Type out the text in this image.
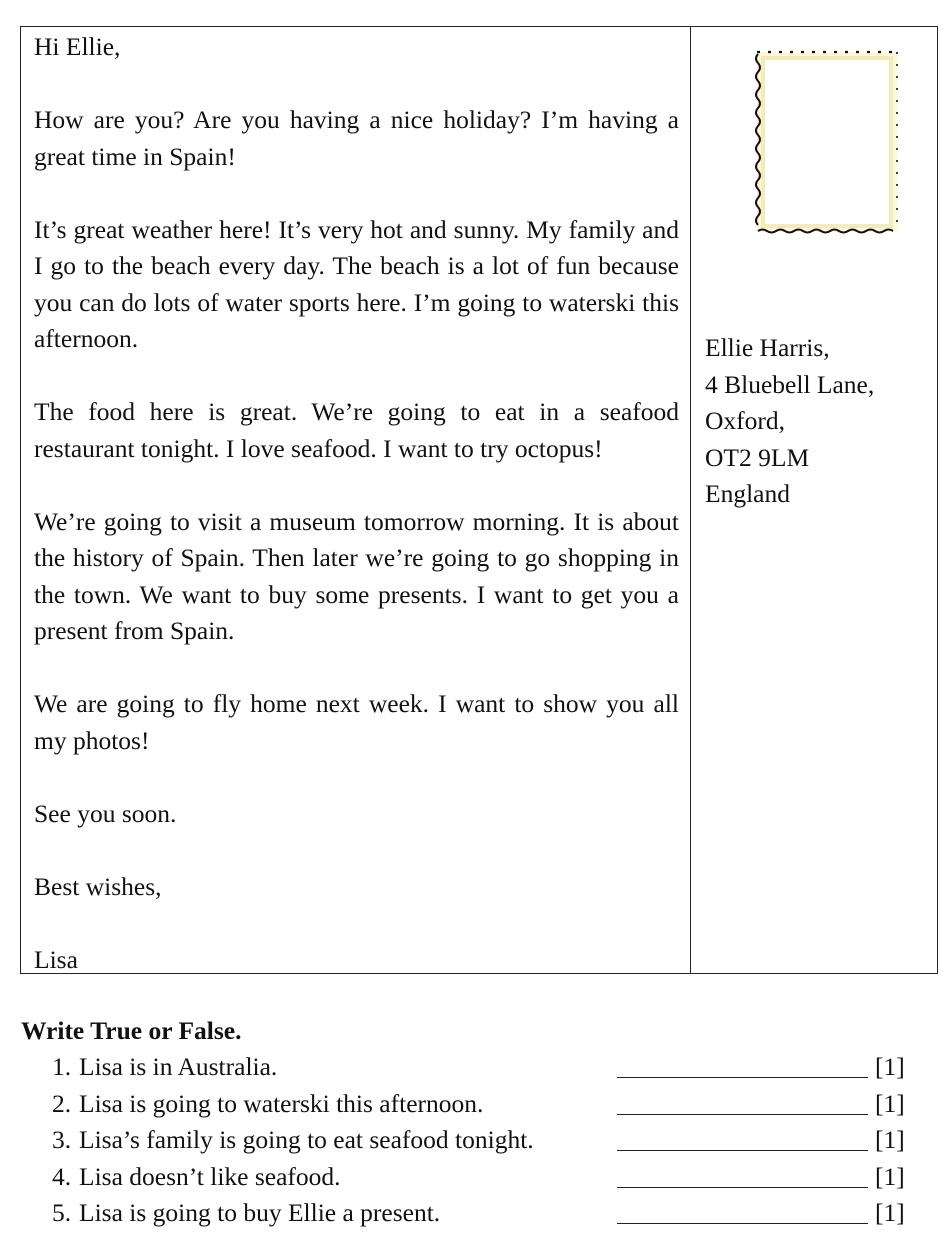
Hi Ellie,

How are you? Are you having a nice holiday? I’m having a great time in Spain!

It’s great weather here! It’s very hot and sunny. My family and I go to the beach every day. The beach is a lot of fun because you can do lots of water sports here. I’m going to waterski this afternoon.

The food here is great. We’re going to eat in a seafood restaurant tonight. I love seafood. I want to try octopus!

We’re going to visit a museum tomorrow morning. It is about the history of Spain. Then later we’re going to go shopping in the town. We want to buy some presents. I want to get you a present from Spain.

We are going to fly home next week. I want to show you all my photos!

See you soon.

Best wishes,

Lisa

Ellie Harris,
4 Bluebell Lane,
Oxford,
OT2 9LM
England
Write True or False.
1. Lisa is in Australia.	[1]
2. Lisa is going to waterski this afternoon.	[1]
3. Lisa’s family is going to eat seafood tonight.	[1]
4. Lisa doesn’t like seafood.	[1]
5. Lisa is going to buy Ellie a present.	[1]
